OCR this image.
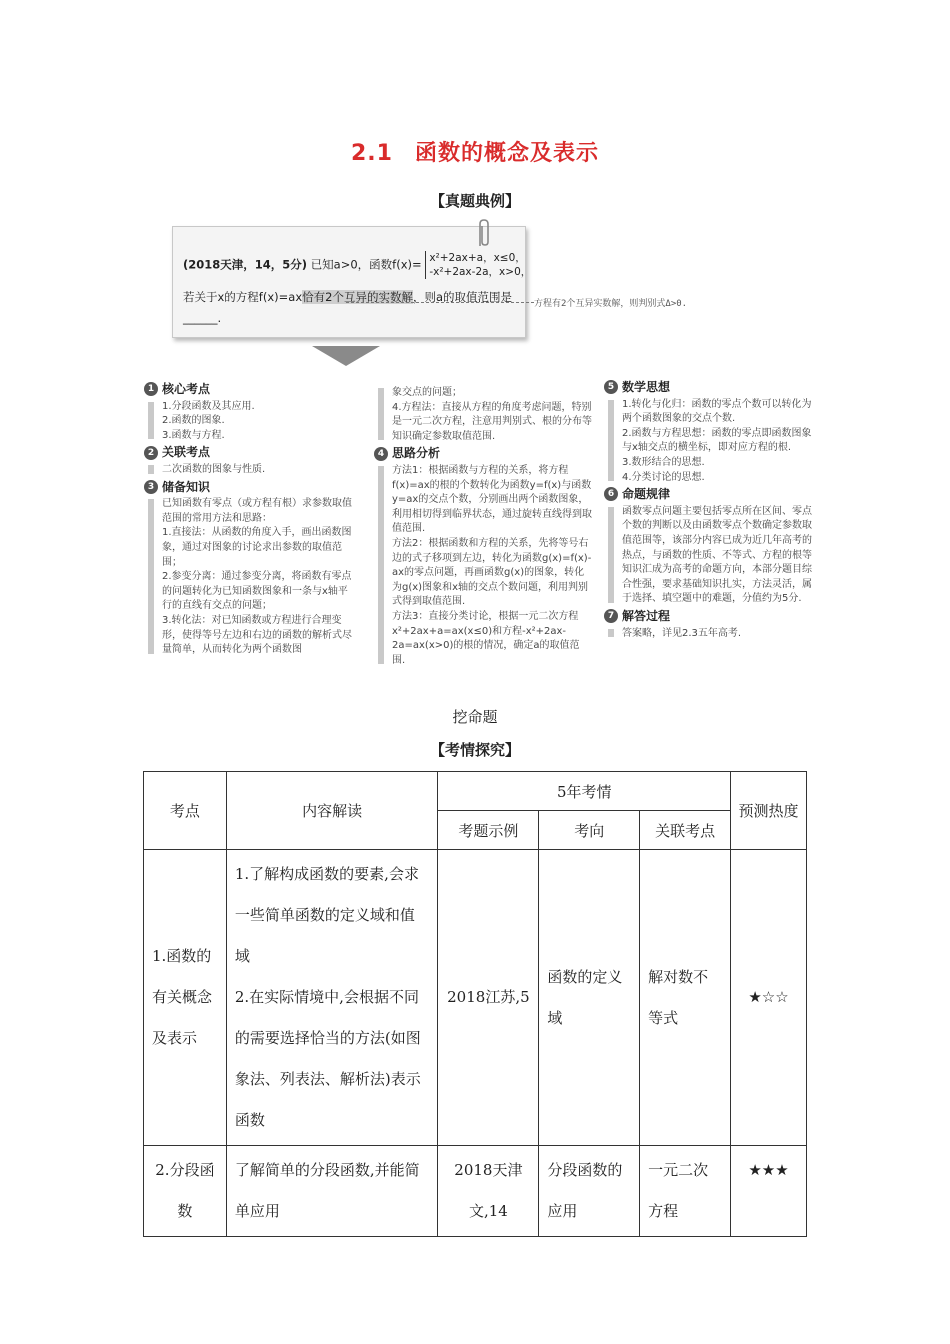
2.1 函数的概念及表示
【真题典例】
(2018天津，14，5分) 已知a>0，函数f(x)= x²+2ax+a，x≤0，
-x²+2ax-2a，x>0，
若关于x的方程f(x)=ax恰有2个互异的实数解，则a的取值范围是
______.
方程有2个互异实数解，则判别式Δ>0.
1 核心考点
1.分段函数及其应用.
2.函数的图象.
3.函数与方程.
2 关联考点
二次函数的图象与性质.
3 储备知识
已知函数有零点（或方程有根）求参数取值范围的常用方法和思路：
1.直接法：从函数的角度入手，画出函数图象，通过对图象的讨论求出参数的取值范围；
2.参变分离：通过参变分离，将函数有零点的问题转化为已知函数图象和一条与x轴平行的直线有交点的问题；
3.转化法：对已知函数或方程进行合理变形，使得等号左边和右边的函数的解析式尽量简单，从而转化为两个函数图
象交点的问题；
4.方程法：直接从方程的角度考虑问题，特别是一元二次方程，注意用判别式、根的分布等知识确定参数取值范围.
4 思路分析
方法1：根据函数与方程的关系，将方程f(x)=ax的根的个数转化为函数y=f(x)与函数y=ax的交点个数，分别画出两个函数图象，利用相切得到临界状态，通过旋转直线得到取值范围.
方法2：根据函数和方程的关系，先将等号右边的式子移项到左边，转化为函数g(x)=f(x)-ax的零点问题，再画函数g(x)的图象，转化为g(x)图象和x轴的交点个数问题，利用判别式得到取值范围.
方法3：直接分类讨论，根据一元二次方程x²+2ax+a=ax(x≤0)和方程-x²+2ax-2a=ax(x>0)的根的情况，确定a的取值范围.
5 数学思想
1.转化与化归：函数的零点个数可以转化为两个函数图象的交点个数.
2.函数与方程思想：函数的零点即函数图象与x轴交点的横坐标，即对应方程的根.
3.数形结合的思想.
4.分类讨论的思想.
6 命题规律
函数零点问题主要包括零点所在区间、零点个数的判断以及由函数零点个数确定参数取值范围等，该部分内容已成为近几年高考的热点，与函数的性质、不等式、方程的根等知识汇成为高考的命题方向，本部分题目综合性强，要求基础知识扎实，方法灵活，属于选择、填空题中的难题，分值约为5分.
7 解答过程
答案略，详见2.3五年高考.
挖命题
【考情探究】
考点	内容解读	5年考情			预测热度
		考题示例	考向	关联考点	
1.函数的有关概念及表示	1.了解构成函数的要素,会求一些简单函数的定义域和值域
2.在实际情境中,会根据不同的需要选择恰当的方法(如图象法、列表法、解析法)表示函数	2018江苏,5	函数的定义域	解对数不等式	★☆☆
2.分段函数	了解简单的分段函数,并能简单应用	2018天津文,14	分段函数的应用	一元二次方程	★★★
